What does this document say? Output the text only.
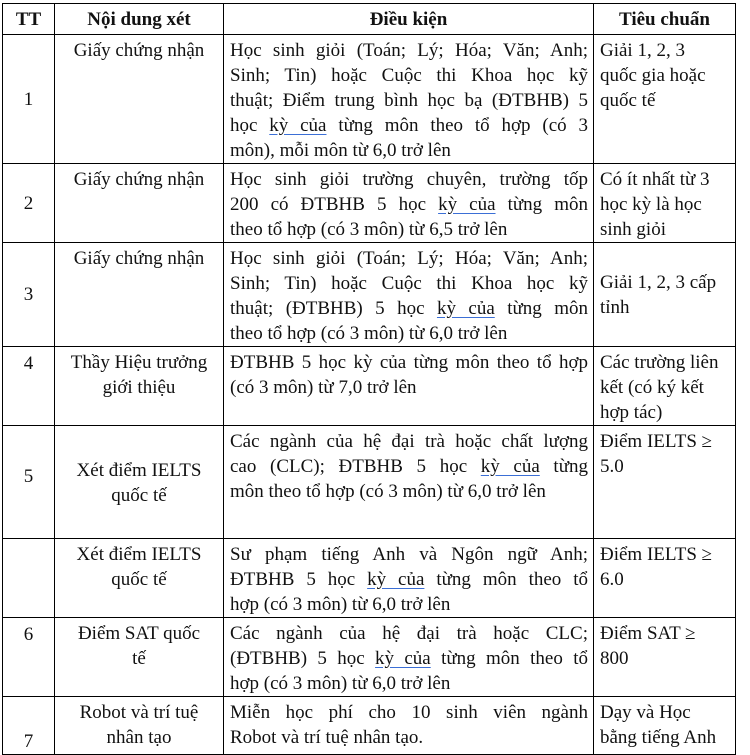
TT	Nội dung xét	Điều kiện	Tiêu chuẩn
1	Giấy chứng nhận	Học sinh giỏi (Toán; Lý; Hóa; Văn; Anh;
Sinh; Tin) hoặc Cuộc thi Khoa học kỹ
thuật; Điểm trung bình học bạ (ĐTBHB) 5
học kỳ của từng môn theo tổ hợp (có 3
môn), mỗi môn từ 6,0 trở lên	Giải 1, 2, 3
quốc gia hoặc
quốc tế

2	Giấy chứng nhận	Học sinh giỏi trường chuyên, trường tốp
200 có ĐTBHB 5 học kỳ của từng môn
theo tổ hợp (có 3 môn) từ 6,5 trở lên	Có ít nhất từ 3
học kỳ là học
sinh giỏi

3	Giấy chứng nhận	Học sinh giỏi (Toán; Lý; Hóa; Văn; Anh;
Sinh; Tin) hoặc Cuộc thi Khoa học kỹ
thuật; (ĐTBHB) 5 học kỳ của từng môn
theo tổ hợp (có 3 môn) từ 6,0 trở lên	Giải 1, 2, 3 cấp
tỉnh

4	Thầy Hiệu trưởng
giới thiệu	ĐTBHB 5 học kỳ của từng môn theo tổ hợp
(có 3 môn) từ 7,0 trở lên	Các trường liên
kết (có ký kết
hợp tác)

5	Xét điểm IELTS
quốc tế	Các ngành của hệ đại trà hoặc chất lượng
cao (CLC); ĐTBHB 5 học kỳ của từng
môn theo tổ hợp (có 3 môn) từ 6,0 trở lên	Điểm IELTS ≥
5.0

	Xét điểm IELTS
quốc tế	Sư phạm tiếng Anh và Ngôn ngữ Anh;
ĐTBHB 5 học kỳ của từng môn theo tổ
hợp (có 3 môn) từ 6,0 trở lên	Điểm IELTS ≥
6.0

6	Điểm SAT quốc
tế	Các ngành của hệ đại trà hoặc CLC;
(ĐTBHB) 5 học kỳ của từng môn theo tổ
hợp (có 3 môn) từ 6,0 trở lên	Điểm SAT ≥
800

7	Robot và trí tuệ
nhân tạo	Miễn học phí cho 10 sinh viên ngành
Robot và trí tuệ nhân tạo.	Dạy và Học
bằng tiếng Anh
